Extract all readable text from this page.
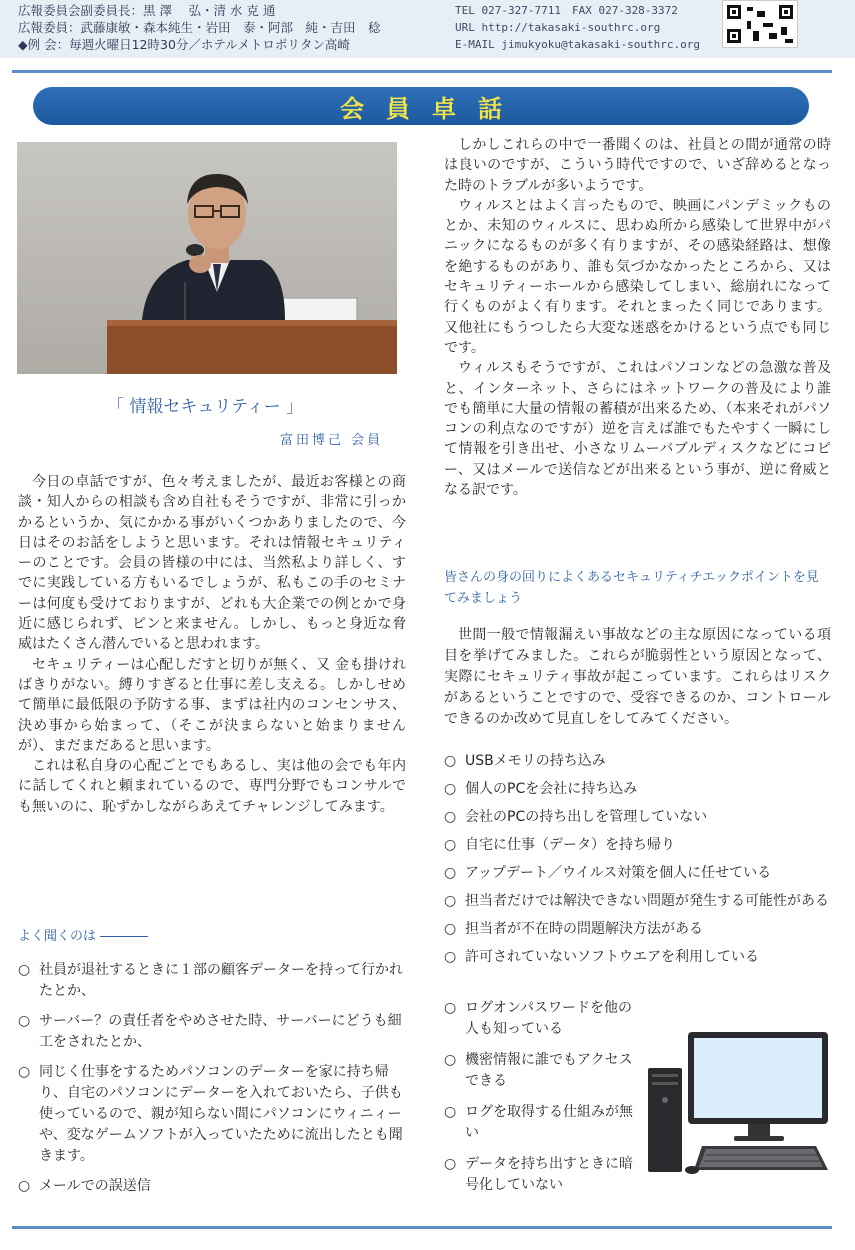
広報委員会副委員長：黒 澤　 弘・清 水 克 通
広報委員：武藤康敏・森本純生・岩田　泰・阿部　純・吉田　稔
◆例 会：毎週火曜日12時30分／ホテルメトロポリタン高崎
TEL 027-327-7711　FAX 027-328-3372
URL http://takasaki-southrc.org
E-MAIL jimukyoku@takasaki-southrc.org
会員卓話
「 情報セキュリティー 」
富田博己 会員

今日の卓話ですが、色々考えましたが、最近お客様との商談・知人からの相談も含め自社もそうですが、非常に引っかかるというか、気にかかる事がいくつかありましたので、今日はそのお話をしようと思います。それは情報セキュリティーのことです。会員の皆様の中には、当然私より詳しく、すでに実践している方もいるでしょうが、私もこの手のセミナーは何度も受けておりますが、どれも大企業での例とかで身近に感じられず、ピンと来ません。しかし、もっと身近な脅威はたくさん潜んでいると思われます。

セキュリティーは心配しだすと切りが無く、又 金も掛ければきりがない。縛りすぎると仕事に差し支える。しかしせめて簡単に最低限の予防する事、まずは社内のコンセンサス、決め事から始まって、（そこが決まらないと始まりませんが）、まだまだあると思います。

これは私自身の心配ごとでもあるし、実は他の会でも年内に話してくれと頼まれているので、専門分野でもコンサルでも無いのに、恥ずかしながらあえてチャレンジしてみます。

よく聞くのは
○ 社員が退社するときに１部の顧客データーを持って行かれたとか、
○ サーバー？の責任者をやめさせた時、サーバーにどうも細工をされたとか、
○ 同じく仕事をするためパソコンのデーターを家に持ち帰り、自宅のパソコンにデーターを入れておいたら、子供も使っているので、親が知らない間にパソコンにウィニィーや、変なゲームソフトが入っていたために流出したとも聞きます。
○ メールでの誤送信

しかしこれらの中で一番聞くのは、社員との間が通常の時は良いのですが、こういう時代ですので、いざ辞めるとなった時のトラブルが多いようです。

ウィルスとはよく言ったもので、映画にパンデミックものとか、未知のウィルスに、思わぬ所から感染して世界中がパニックになるものが多く有りますが、その感染経路は、想像を絶するものがあり、誰も気づかなかったところから、又はセキュリティーホールから感染してしまい、総崩れになって行くものがよく有ります。それとまったく同じであります。又他社にもうつしたら大変な迷惑をかけるという点でも同じです。

ウィルスもそうですが、これはパソコンなどの急激な普及と、インターネット、さらにはネットワークの普及により誰でも簡単に大量の情報の蓄積が出来るため、（本来それがパソコンの利点なのですが）逆を言えば誰でもたやすく一瞬にして情報を引き出せ、小さなリムーバブルディスクなどにコピー、又はメールで送信などが出来るという事が、逆に脅威となる訳です。

皆さんの身の回りによくあるセキュリティチエックポイントを見てみましょう

世間一般で情報漏えい事故などの主な原因になっている項目を挙げてみました。これらが脆弱性という原因となって、実際にセキュリティ事故が起こっています。これらはリスクがあるということですので、受容できるのか、コントロールできるのか改めて見直しをしてみてください。

○ USBメモリの持ち込み
○ 個人のPCを会社に持ち込み
○ 会社のPCの持ち出しを管理していない
○ 自宅に仕事（データ）を持ち帰り
○ アップデート／ウイルス対策を個人に任せている
○ 担当者だけでは解決できない問題が発生する可能性がある
○ 担当者が不在時の問題解決方法がある
○ 許可されていないソフトウエアを利用している
○ ログオンパスワードを他の人も知っている
○ 機密情報に誰でもアクセスできる
○ ログを取得する仕組みが無い
○ データを持ち出すときに暗号化していない
